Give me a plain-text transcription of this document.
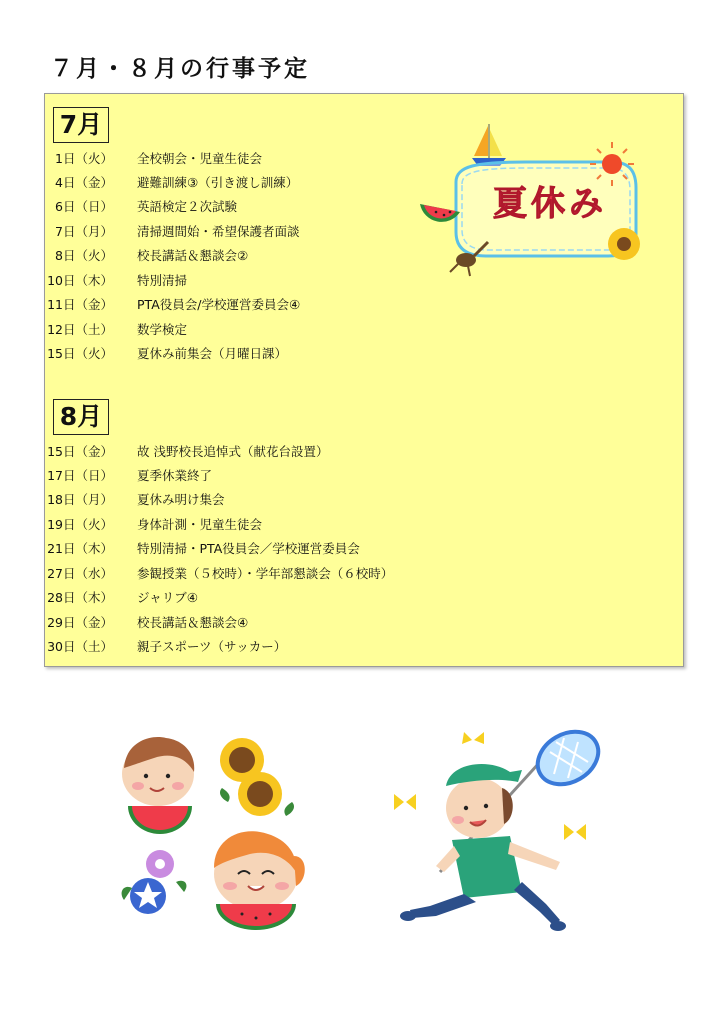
７月・８月の行事予定
7月
1日（火） 全校朝会・児童生徒会
4日（金） 避難訓練③（引き渡し訓練）
6日（日） 英語検定２次試験
7日（月） 清掃週間始・希望保護者面談
8日（火） 校長講話＆懇談会②
10日（木） 特別清掃
11日（金） PTA役員会/学校運営委員会④
12日（土） 数学検定
15日（火） 夏休み前集会（月曜日課）
8月
15日（金） 故 浅野校長追悼式（献花台設置）
17日（日） 夏季休業終了
18日（月） 夏休み明け集会
19日（火） 身体計測・児童生徒会
21日（木） 特別清掃・PTA役員会／学校運営委員会
27日（水） 参観授業（５校時）・学年部懇談会（６校時）
28日（木） ジャリブ④
29日（金） 校長講話＆懇談会④
30日（土） 親子スポーツ（サッカー）
夏休み
